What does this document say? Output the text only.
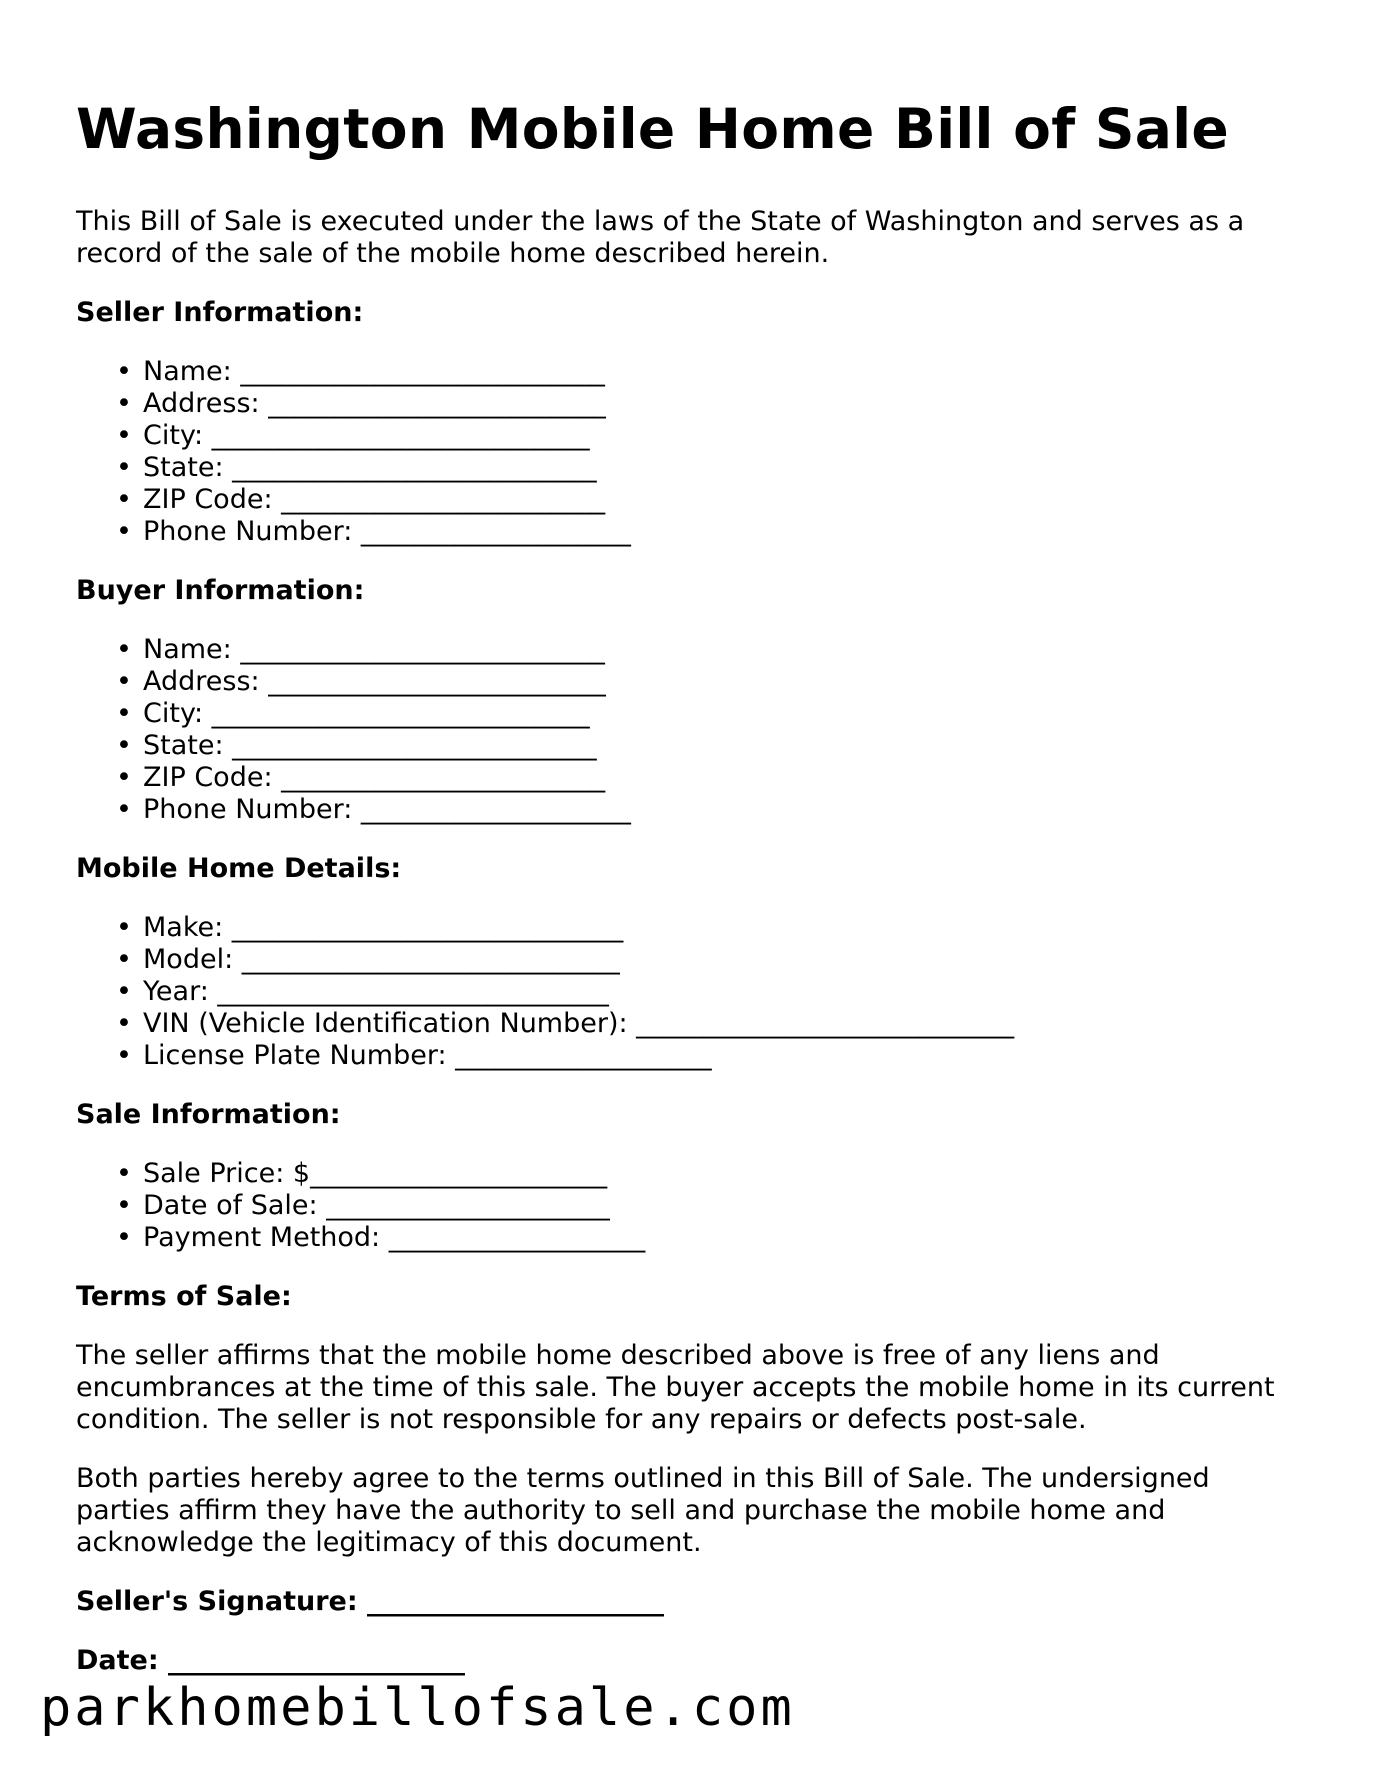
Washington Mobile Home Bill of Sale

This Bill of Sale is executed under the laws of the State of Washington and serves as a record of the sale of the mobile home described herein.

Seller Information:
• Name: ___________________________
• Address: _________________________
• City: ____________________________
• State: ___________________________
• ZIP Code: ________________________
• Phone Number: ____________________
Buyer Information:
• Name: ___________________________
• Address: _________________________
• City: ____________________________
• State: ___________________________
• ZIP Code: ________________________
• Phone Number: ____________________
Mobile Home Details:
• Make: _____________________________
• Model: ____________________________
• Year: _____________________________
• VIN (Vehicle Identification Number): ____________________________
• License Plate Number: ___________________
Sale Information:
• Sale Price: $______________________
• Date of Sale: _____________________
• Payment Method: ___________________
Terms of Sale:

The seller affirms that the mobile home described above is free of any liens and encumbrances at the time of this sale. The buyer accepts the mobile home in its current condition. The seller is not responsible for any repairs or defects post-sale.

Both parties hereby agree to the terms outlined in this Bill of Sale. The undersigned parties affirm they have the authority to sell and purchase the mobile home and acknowledge the legitimacy of this document.

Seller's Signature: ______________________
Date: ______________________
parkhomebillofsale.com
